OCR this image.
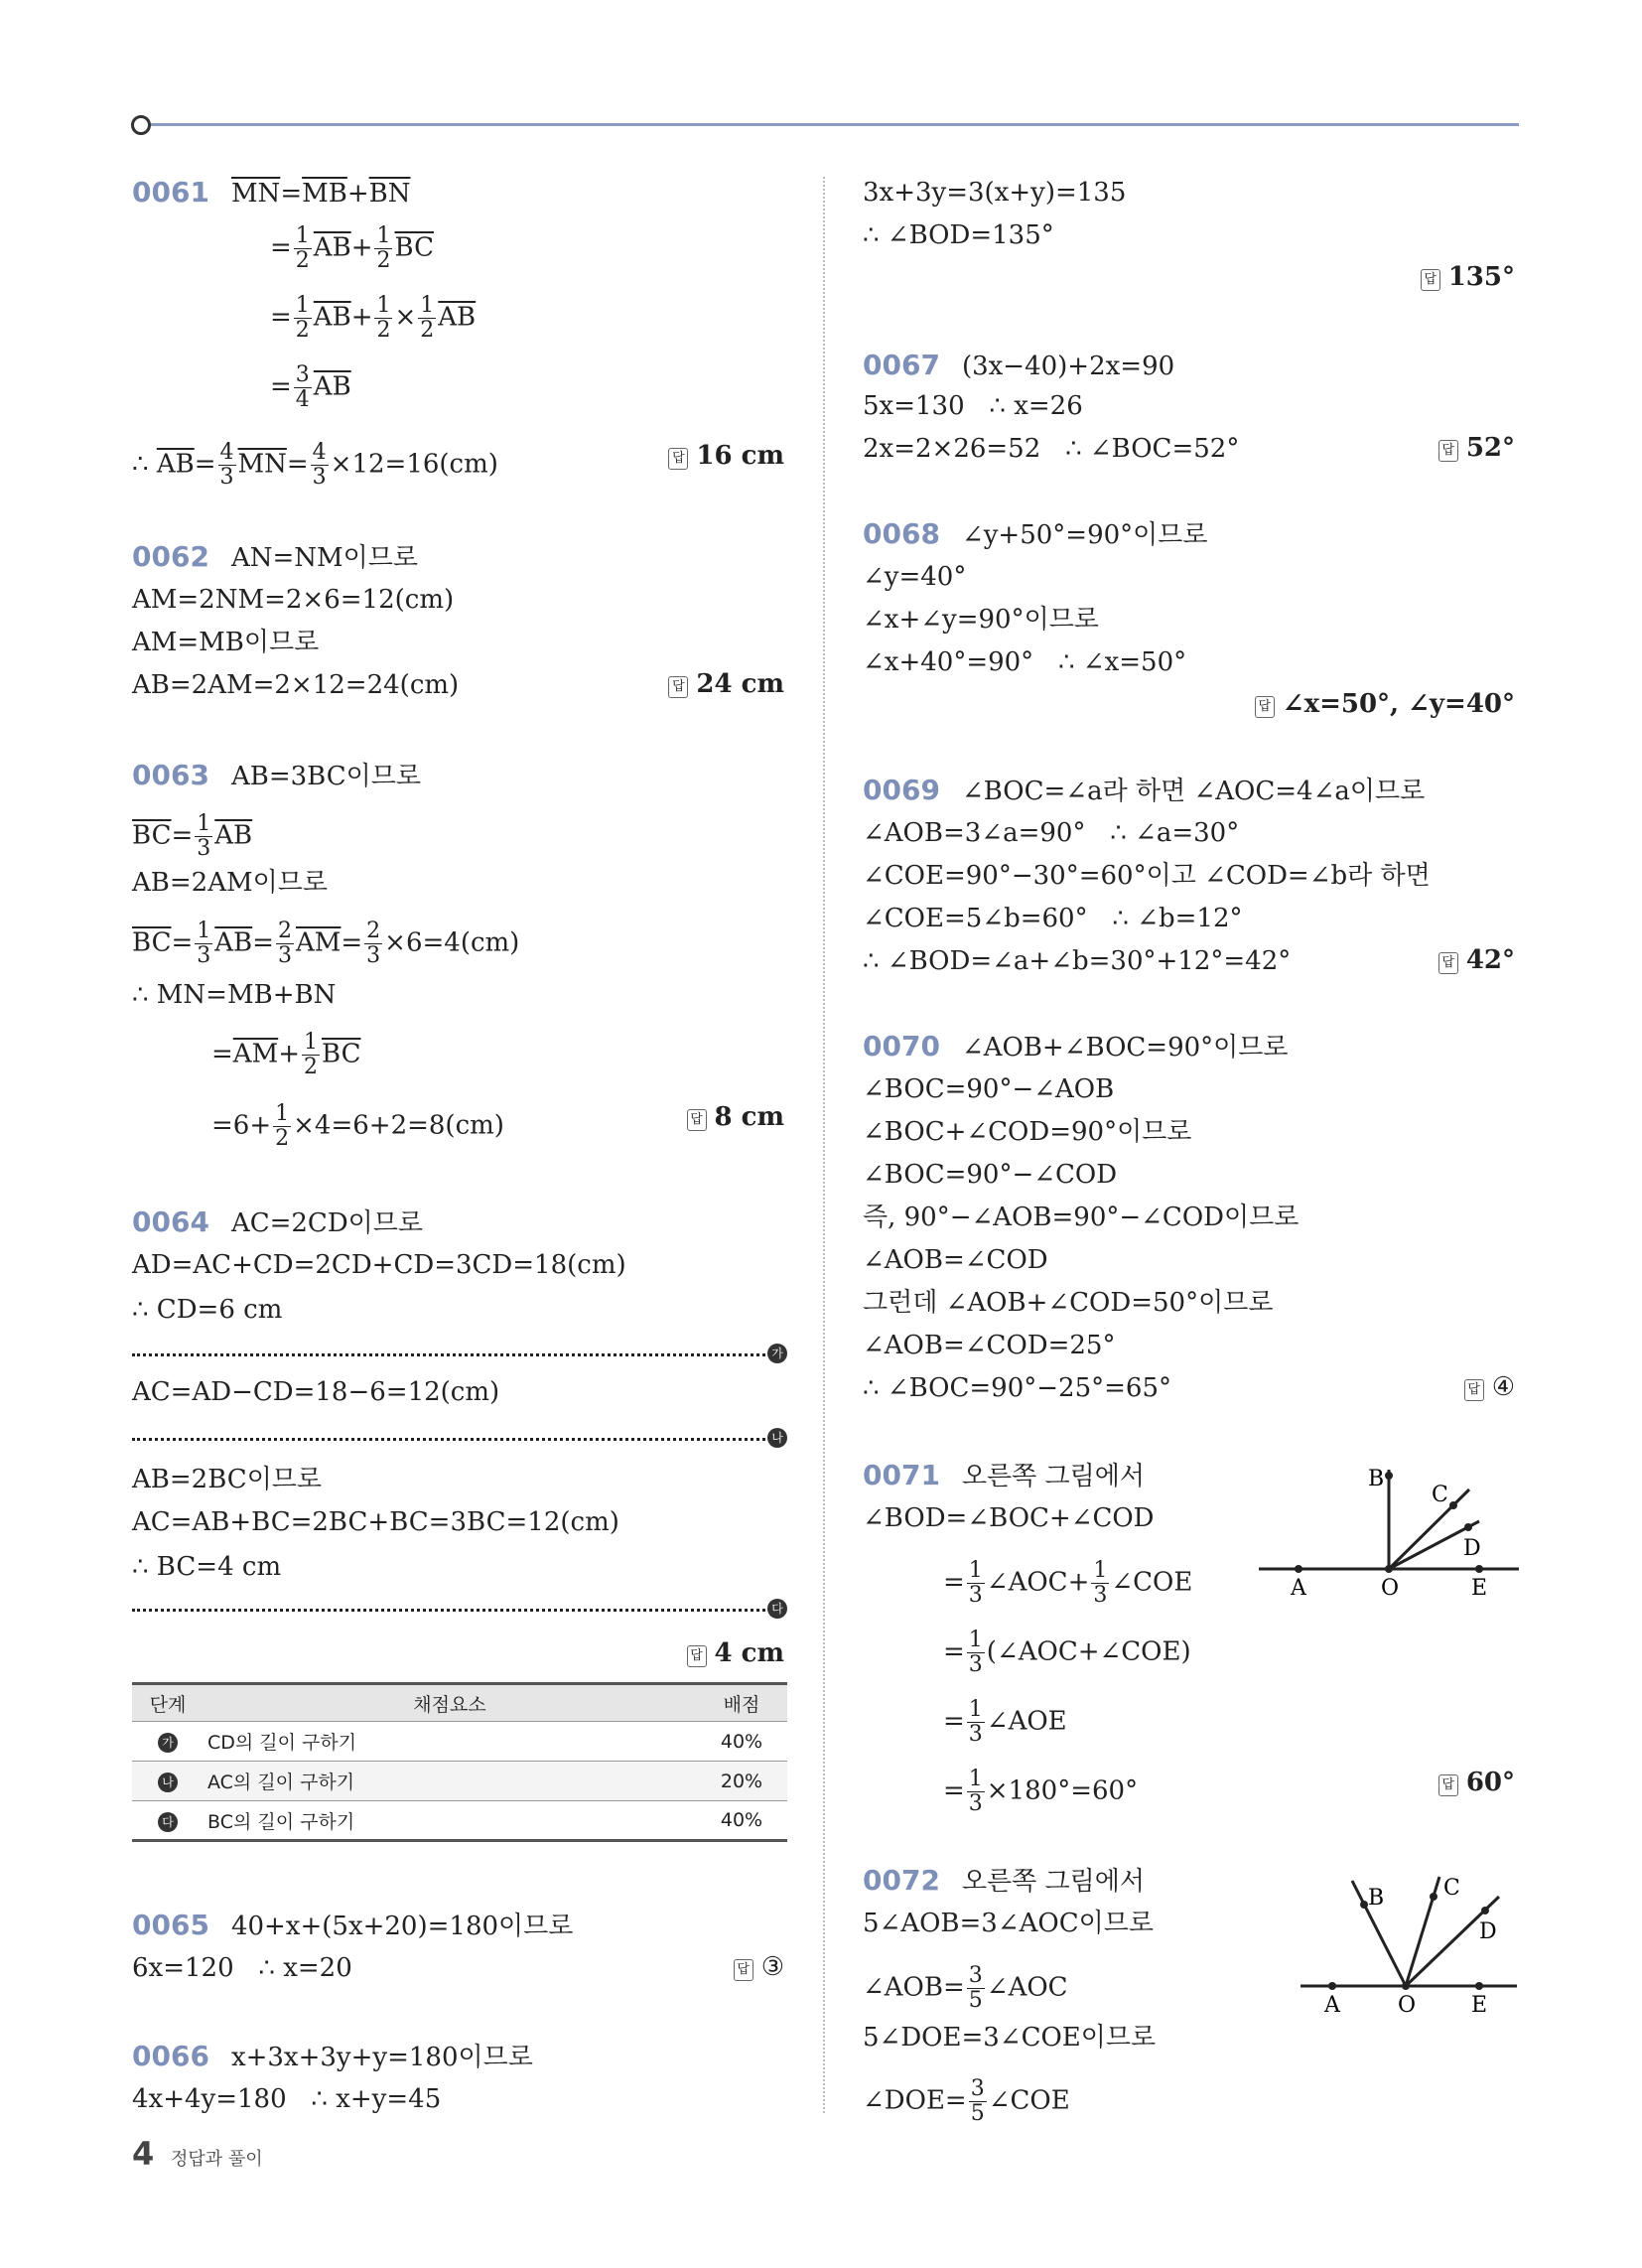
0061 $\overline{MN}=\overline{MB}+\overline{BN}$
= $\frac{1}{2} \overline{AB}+ \frac{1}{2} \overline{BC}$
= $\frac{1}{2} \overline{AB}+ \frac{1}{2} \times \frac{1}{2} \overline{AB}$
= $\frac{3}{4} \overline{AB}$
∴ $\overline{AB}= \frac{4}{3} \overline{MN}= \frac{4}{3} \times 12=16(cm)$	답 16 cm
0062 AN=NM이므로
AM=2NM=2×6=12(cm)
AM=MB이므로
AB=2AM=2×12=24(cm)	답 24 cm
0063 AB=3BC이므로
$\overline{BC}= \frac{1}{3} \overline{AB}$
AB=2AM이므로
$\overline{BC}= \frac{1}{3} \overline{AB}= \frac{2}{3} \overline{AM}= \frac{2}{3} \times 6=4(cm)$
∴ MN=MB+BN
$=\overline{AM}+ \frac{1}{2} \overline{BC}$
$=6+ \frac{1}{2} \times 4=6+2=8(cm)$	답 8 cm
0064 AC=2CD이므로
AD=AC+CD=2CD+CD=3CD=18(cm)
∴ CD=6 cm
가
AC=AD−CD=18−6=12(cm)
나
AB=2BC이므로
AC=AB+BC=2BC+BC=3BC=12(cm)
∴ BC=4 cm
다
답 4 cm
단계	채점요소	배점
가	CD의 길이 구하기	40%
나	AC의 길이 구하기	20%
다	BC의 길이 구하기	40%
0065 40+x+(5x+20)=180이므로
6x=120   ∴ x=20	답 ③
0066 x+3x+3y+y=180이므로
4x+4y=180   ∴ x+y=45
4 정답과 풀이
3x+3y=3(x+y)=135
∴ ∠BOD=135°
답 135°
0067 (3x−40)+2x=90
5x=130   ∴ x=26
2x=2×26=52   ∴ ∠BOC=52°	답 52°
0068 ∠y+50°=90°이므로
∠y=40°
∠x+∠y=90°이므로
∠x+40°=90°   ∴ ∠x=50°
답 ∠x=50°, ∠y=40°
0069 ∠BOC=∠a라 하면 ∠AOC=4∠a이므로
∠AOB=3∠a=90°   ∴ ∠a=30°
∠COE=90°−30°=60°이고 ∠COD=∠b라 하면
∠COE=5∠b=60°   ∴ ∠b=12°
∴ ∠BOD=∠a+∠b=30°+12°=42°	답 42°
0070 ∠AOB+∠BOC=90°이므로
∠BOC=90°−∠AOB
∠BOC+∠COD=90°이므로
∠BOC=90°−∠COD
즉, 90°−∠AOB=90°−∠COD이므로
∠AOB=∠COD
그런데 ∠AOB+∠COD=50°이므로
∠AOB=∠COD=25°
∴ ∠BOC=90°−25°=65°	답 ④
0071 오른쪽 그림에서
∠BOD=∠BOC+∠COD
= $\frac{1}{3}$ ∠AOC+ $\frac{1}{3}$ ∠COE
= $\frac{1}{3}$ (∠AOC+∠COE)
= $\frac{1}{3}$ ∠AOE
= $\frac{1}{3} \times 180^\circ=60^\circ$	답 60°
B
C
D
A	O	E
0072 오른쪽 그림에서
5∠AOB=3∠AOC이므로
∠AOB= $\frac{3}{5}$ ∠AOC
5∠DOE=3∠COE이므로
∠DOE= $\frac{3}{5}$ ∠COE
B	C
D
A	O	E
